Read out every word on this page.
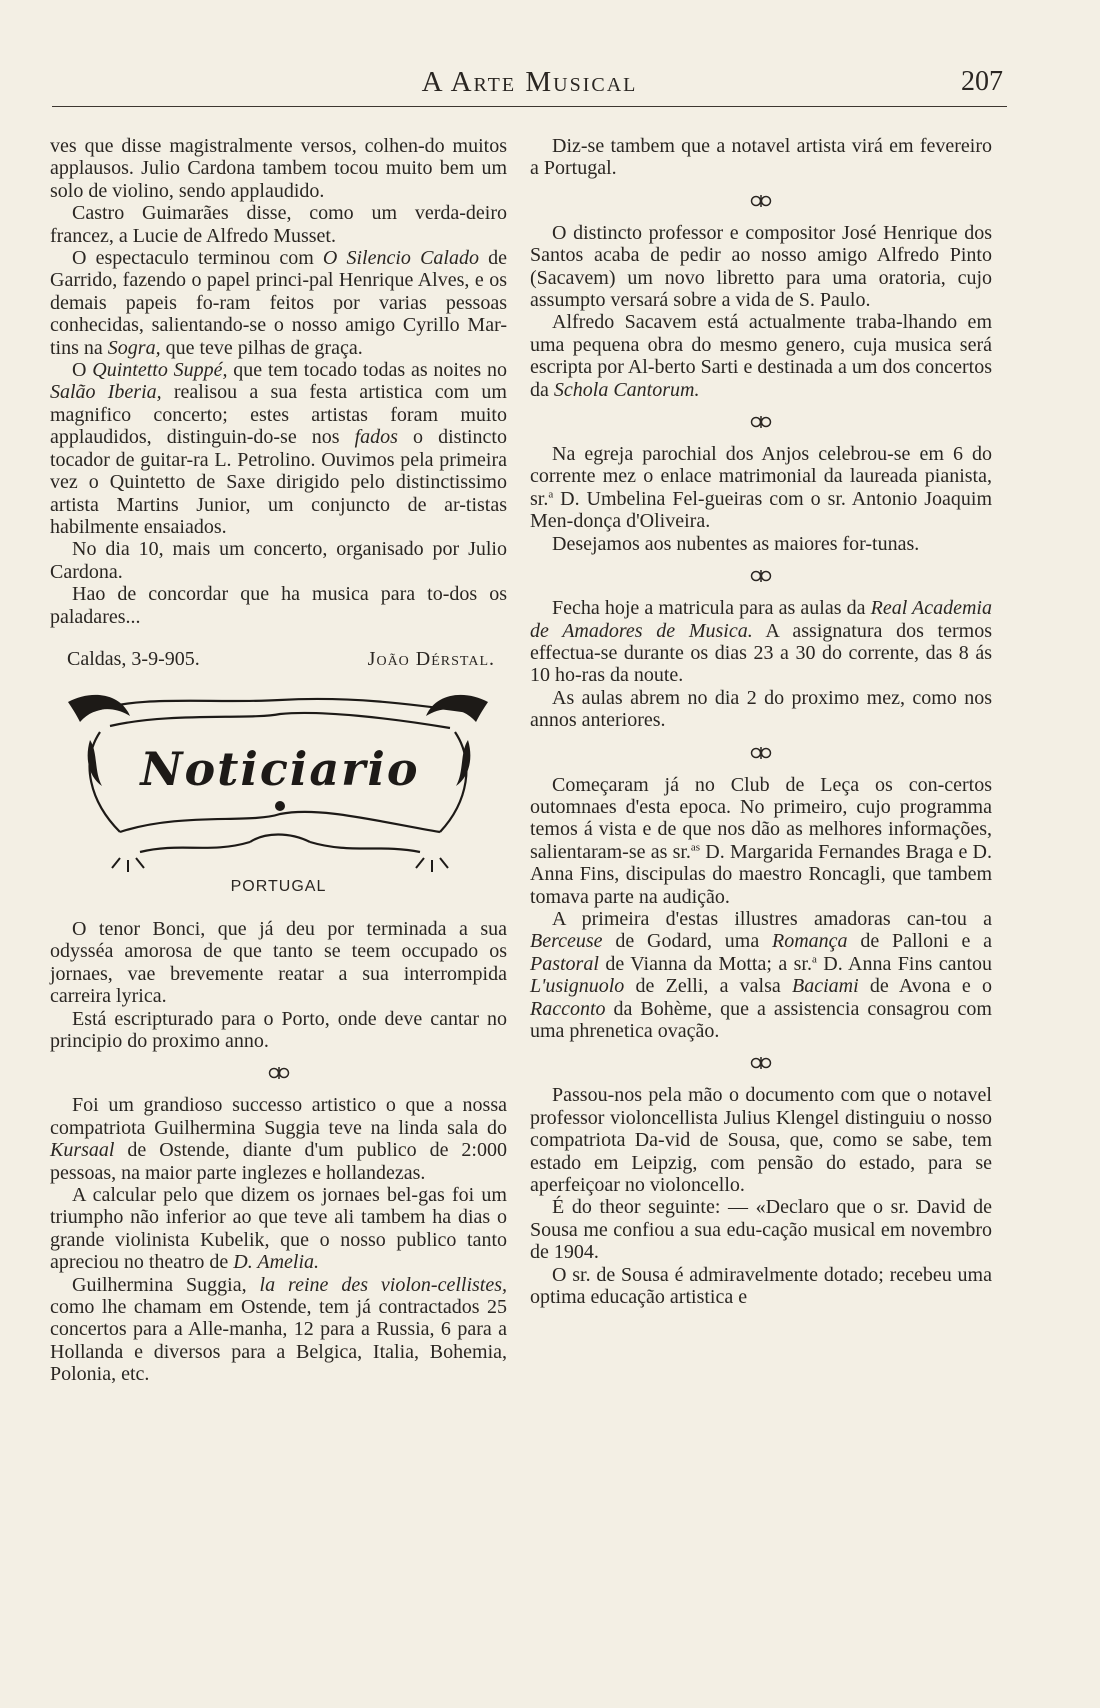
A Arte Musical	207

ves que disse magistralmente versos, colhen-do muitos applausos. Julio Cardona tambem tocou muito bem um solo de violino, sendo applaudido.

Castro Guimarães disse, como um verda-deiro francez, a Lucie de Alfredo Musset.

O espectaculo terminou com O Silencio Calado de Garrido, fazendo o papel princi-pal Henrique Alves, e os demais papeis fo-ram feitos por varias pessoas conhecidas, salientando-se o nosso amigo Cyrillo Mar-tins na Sogra, que teve pilhas de graça.

O Quintetto Suppé, que tem tocado todas as noites no Salão Iberia, realisou a sua festa artistica com um magnifico concerto; estes artistas foram muito applaudidos, distinguin-do-se nos fados o distincto tocador de guitar-ra L. Petrolino. Ouvimos pela primeira vez o Quintetto de Saxe dirigido pelo distinctissimo artista Martins Junior, um conjuncto de ar-tistas habilmente ensaiados.

No dia 10, mais um concerto, organisado por Julio Cardona.

Hao de concordar que ha musica para to-dos os paladares...

Caldas, 3-9-905.	João Dérstal.
Noticiario
PORTUGAL

O tenor Bonci, que já deu por terminada a sua odysséa amorosa de que tanto se teem occupado os jornaes, vae brevemente reatar a sua interrompida carreira lyrica.

Está escripturado para o Porto, onde deve cantar no principio do proximo anno.

Foi um grandioso successo artistico o que a nossa compatriota Guilhermina Suggia teve na linda sala do Kursaal de Ostende, diante d'um publico de 2:000 pessoas, na maior parte inglezes e hollandezas.

A calcular pelo que dizem os jornaes bel-gas foi um triumpho não inferior ao que teve ali tambem ha dias o grande violinista Kubelik, que o nosso publico tanto apreciou no theatro de D. Amelia.

Guilhermina Suggia, la reine des violon-cellistes, como lhe chamam em Ostende, tem já contractados 25 concertos para a Alle-manha, 12 para a Russia, 6 para a Hollanda e diversos para a Belgica, Italia, Bohemia, Polonia, etc.

Diz-se tambem que a notavel artista virá em fevereiro a Portugal.

O distincto professor e compositor José Henrique dos Santos acaba de pedir ao nosso amigo Alfredo Pinto (Sacavem) um novo libretto para uma oratoria, cujo assumpto versará sobre a vida de S. Paulo.

Alfredo Sacavem está actualmente traba-lhando em uma pequena obra do mesmo genero, cuja musica será escripta por Al-berto Sarti e destinada a um dos concertos da Schola Cantorum.

Na egreja parochial dos Anjos celebrou-se em 6 do corrente mez o enlace matrimonial da laureada pianista, sr.$^a$ D. Umbelina Fel-gueiras com o sr. Antonio Joaquim Men-donça d'Oliveira.

Desejamos aos nubentes as maiores for-tunas.

Fecha hoje a matricula para as aulas da Real Academia de Amadores de Musica. A assignatura dos termos effectua-se durante os dias 23 a 30 do corrente, das 8 ás 10 ho-ras da noute.

As aulas abrem no dia 2 do proximo mez, como nos annos anteriores.

Começaram já no Club de Leça os con-certos outomnaes d'esta epoca. No primeiro, cujo programma temos á vista e de que nos dão as melhores informações, salientaram-se as sr.$^{as}$ D. Margarida Fernandes Braga e D. Anna Fins, discipulas do maestro Roncagli, que tambem tomava parte na audição.

A primeira d'estas illustres amadoras can-tou a Berceuse de Godard, uma Romança de Palloni e a Pastoral de Vianna da Motta; a sr.$^a$ D. Anna Fins cantou L'usignuolo de Zelli, a valsa Baciami de Avona e o Racconto da Bohème, que a assistencia consagrou com uma phrenetica ovação.

Passou-nos pela mão o documento com que o notavel professor violoncellista Julius Klengel distinguiu o nosso compatriota Da-vid de Sousa, que, como se sabe, tem estado em Leipzig, com pensão do estado, para se aperfeiçoar no violoncello.

É do theor seguinte: — «Declaro que o sr. David de Sousa me confiou a sua edu-cação musical em novembro de 1904.

O sr. de Sousa é admiravelmente dotado; recebeu uma optima educação artistica e
